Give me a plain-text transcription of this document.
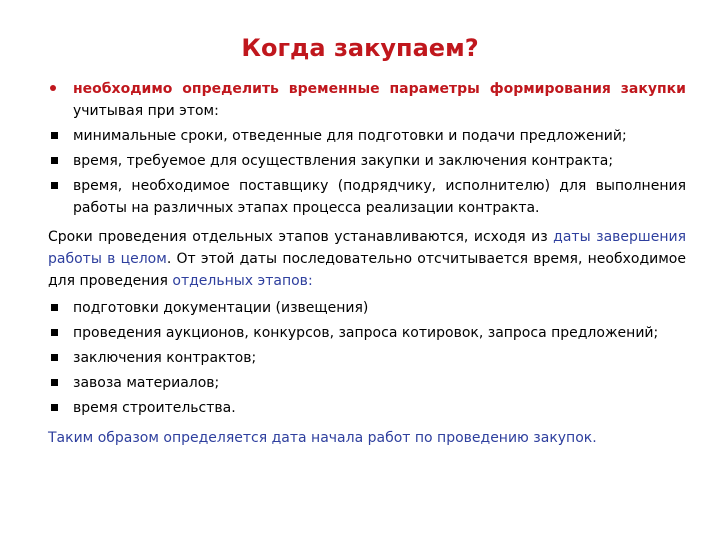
Когда закупаем?
необходимо определить временные параметры формирования закупки учитывая при этом:
минимальные сроки, отведенные для подготовки и подачи предложений;
время, требуемое для осуществления закупки и заключения контракта;
время, необходимое поставщику (подрядчику, исполнителю) для выполнения работы на различных этапах процесса реализации контракта.
Сроки проведения отдельных этапов устанавливаются, исходя из даты завершения работы в целом. От этой даты последовательно отсчитывается время, необходимое для проведения отдельных этапов:
подготовки документации (извещения)
проведения аукционов, конкурсов, запроса котировок, запроса предложений;
заключения контрактов;
завоза материалов;
время строительства.
Таким образом определяется дата начала работ по проведению закупок.
